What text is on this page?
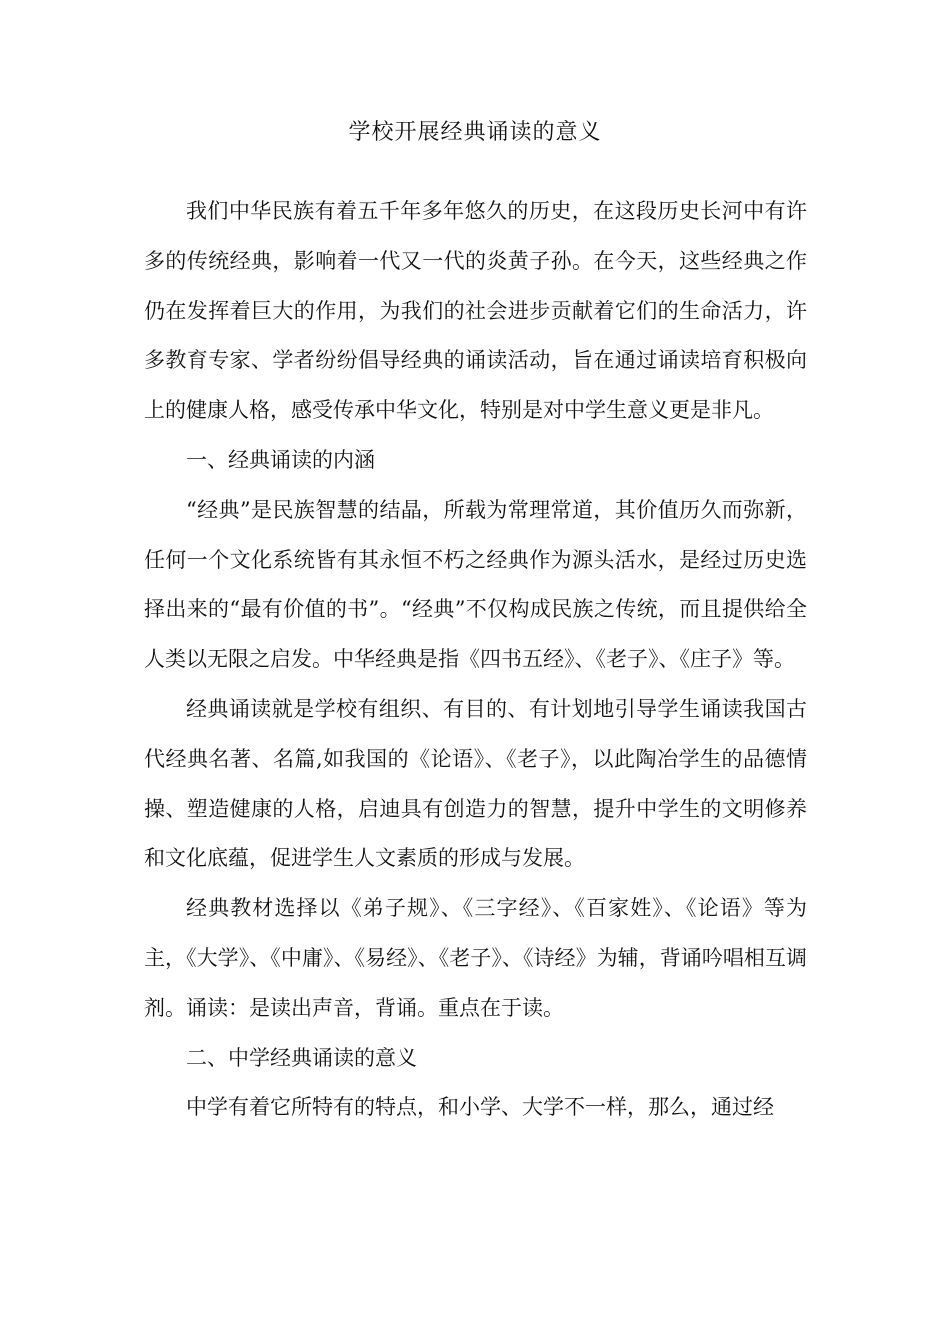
学校开展经典诵读的意义

我们中华民族有着五千年多年悠久的历史，在这段历史长河中有许多的传统经典，影响着一代又一代的炎黄子孙。在今天，这些经典之作仍在发挥着巨大的作用，为我们的社会进步贡献着它们的生命活力，许多教育专家、学者纷纷倡导经典的诵读活动，旨在通过诵读培育积极向上的健康人格，感受传承中华文化，特别是对中学生意义更是非凡。

一、经典诵读的内涵

“经典”是民族智慧的结晶，所载为常理常道，其价值历久而弥新，任何一个文化系统皆有其永恒不朽之经典作为源头活水，是经过历史选择出来的“最有价值的书”。“经典”不仅构成民族之传统，而且提供给全人类以无限之启发。中华经典是指《四书五经》、《老子》、《庄子》等。

经典诵读就是学校有组织、有目的、有计划地引导学生诵读我国古代经典名著、名篇,如我国的《论语》、《老子》，以此陶冶学生的品德情操、塑造健康的人格，启迪具有创造力的智慧，提升中学生的文明修养和文化底蕴，促进学生人文素质的形成与发展。

经典教材选择以《弟子规》、《三字经》、《百家姓》、《论语》等为主，《大学》、《中庸》、《易经》、《老子》、《诗经》为辅，背诵吟唱相互调剂。诵读：是读出声音，背诵。重点在于读。

二、中学经典诵读的意义

中学有着它所特有的特点，和小学、大学不一样，那么，通过经
